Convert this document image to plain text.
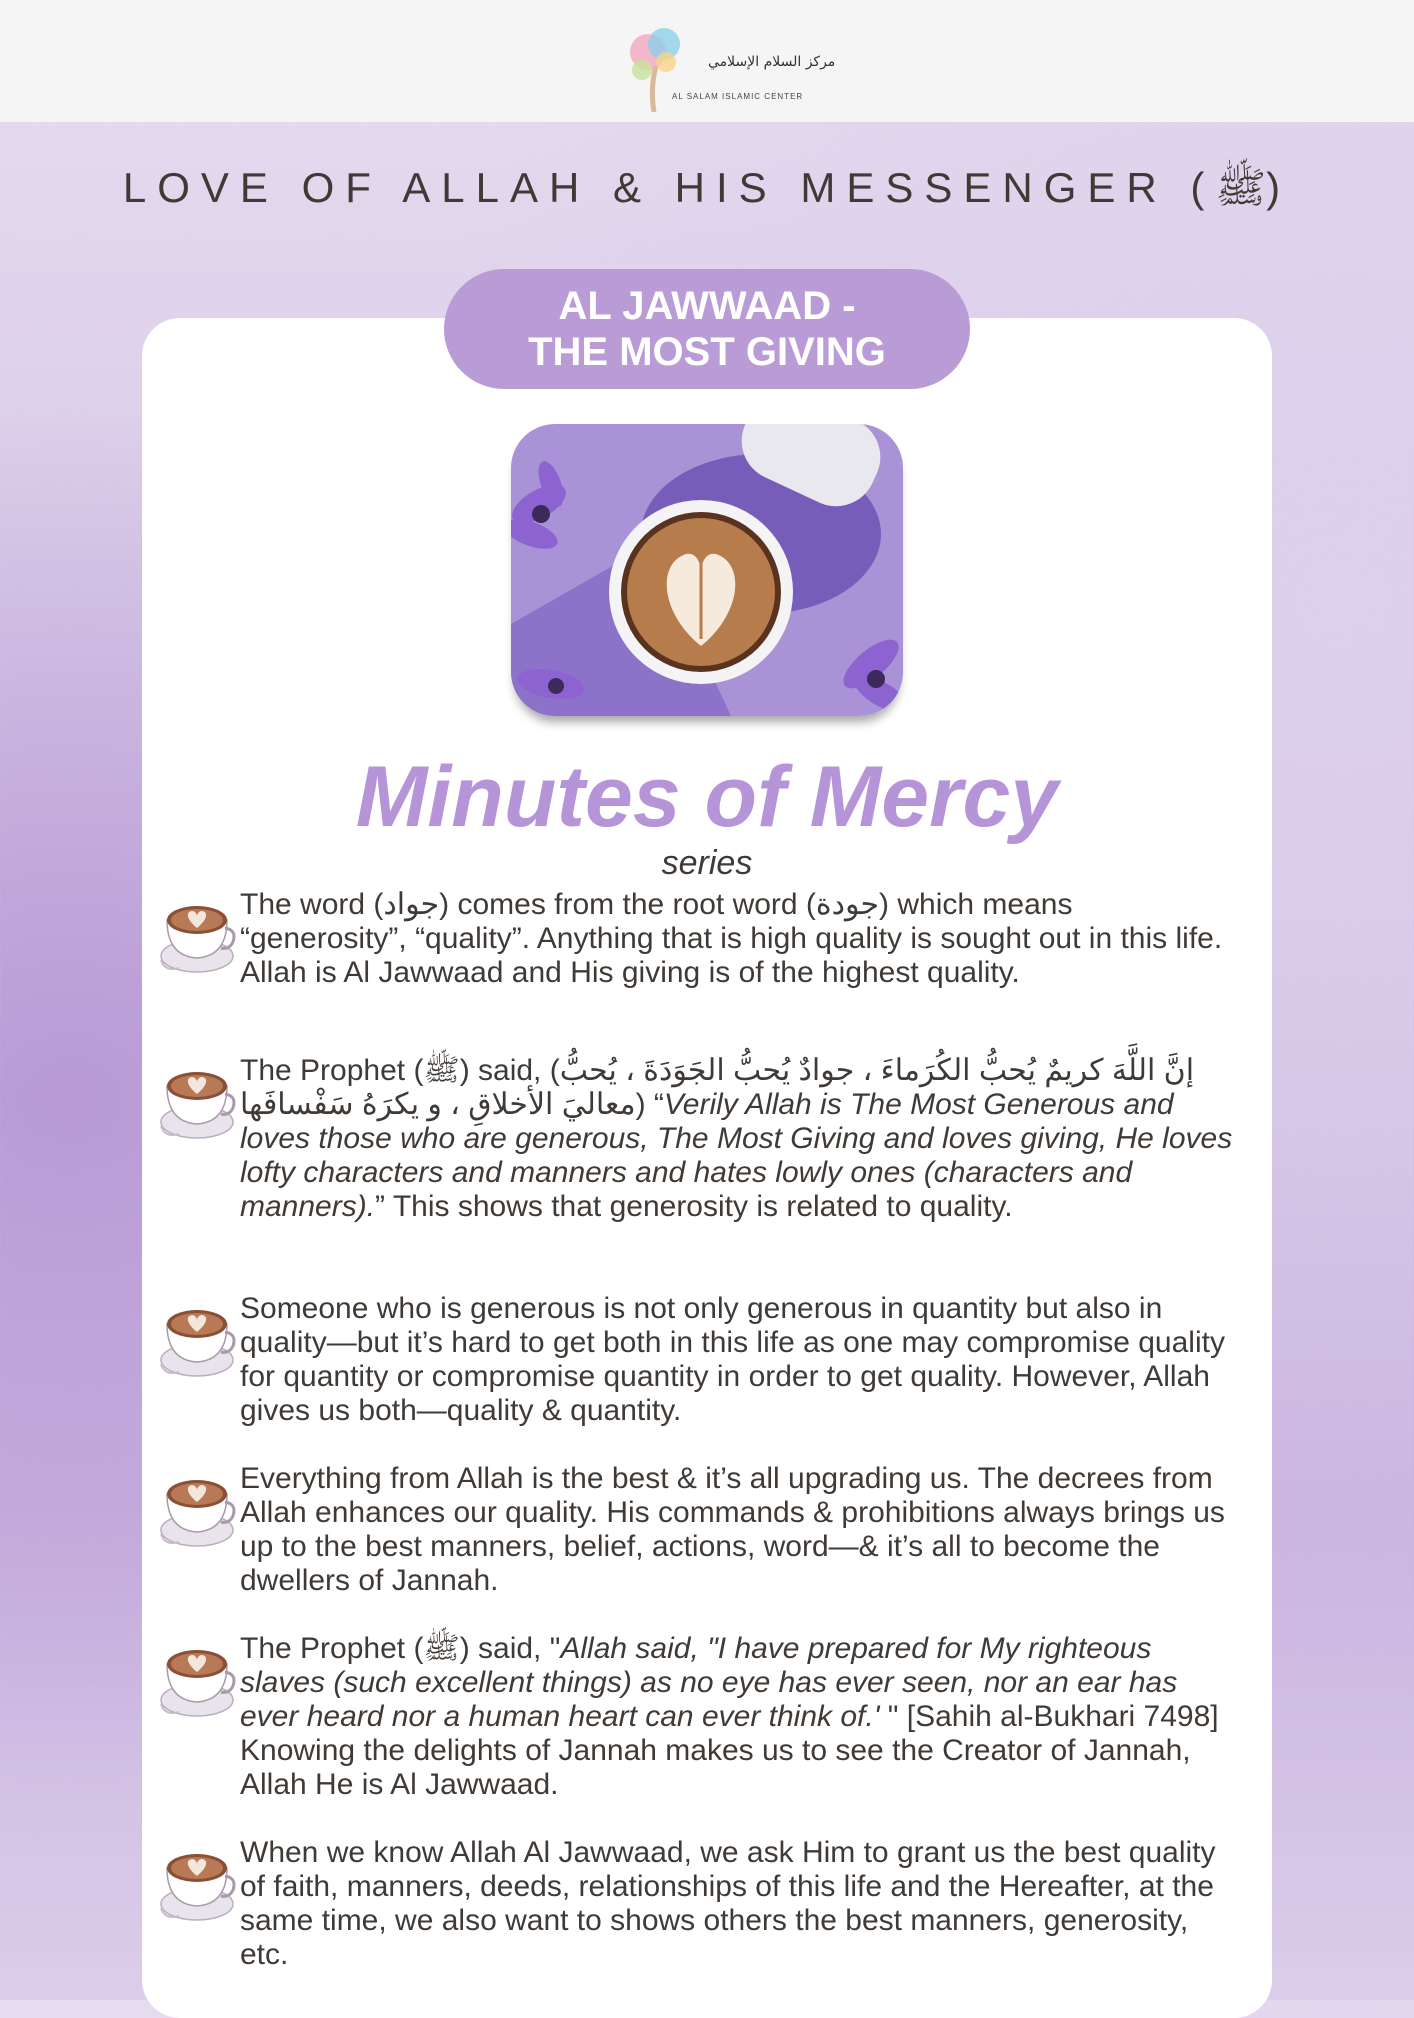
مركز السلام الإسلامي
AL SALAM ISLAMIC CENTER
LOVE OF ALLAH & HIS MESSENGER (ﷺ)
AL JAWWAAD -
THE MOST GIVING
Minutes of Mercy
series
The word (جواد) comes from the root word (جودة) which means “generosity”, “quality”. Anything that is high quality is sought out in this life. Allah is Al Jawwaad and His giving is of the highest quality.
The Prophet (ﷺ) said, (إنَّ اللَّهَ كريمٌ يُحبُّ الكُرَماءَ ، جوادٌ يُحبُّ الجَوَدَةَ ، يُحبُّ معاليَ الأخلاقِ ، و يكرَهُ سَفْسافَها) “Verily Allah is The Most Generous and loves those who are generous, The Most Giving and loves giving, He loves lofty characters and manners and hates lowly ones (characters and manners).” This shows that generosity is related to quality.
Someone who is generous is not only generous in quantity but also in quality—but it’s hard to get both in this life as one may compromise quality for quantity or compromise quantity in order to get quality. However, Allah gives us both—quality & quantity.
Everything from Allah is the best & it’s all upgrading us. The decrees from Allah enhances our quality. His commands & prohibitions always brings us up to the best manners, belief, actions, word—& it’s all to become the dwellers of Jannah.
The Prophet (ﷺ) said, "Allah said, "I have prepared for My righteous slaves (such excellent things) as no eye has ever seen, nor an ear has ever heard nor a human heart can ever think of.' " [Sahih al-Bukhari 7498] Knowing the delights of Jannah makes us to see the Creator of Jannah, Allah He is Al Jawwaad.
When we know Allah Al Jawwaad, we ask Him to grant us the best quality of faith, manners, deeds, relationships of this life and the Hereafter, at the same time, we also want to shows others the best manners, generosity, etc.
